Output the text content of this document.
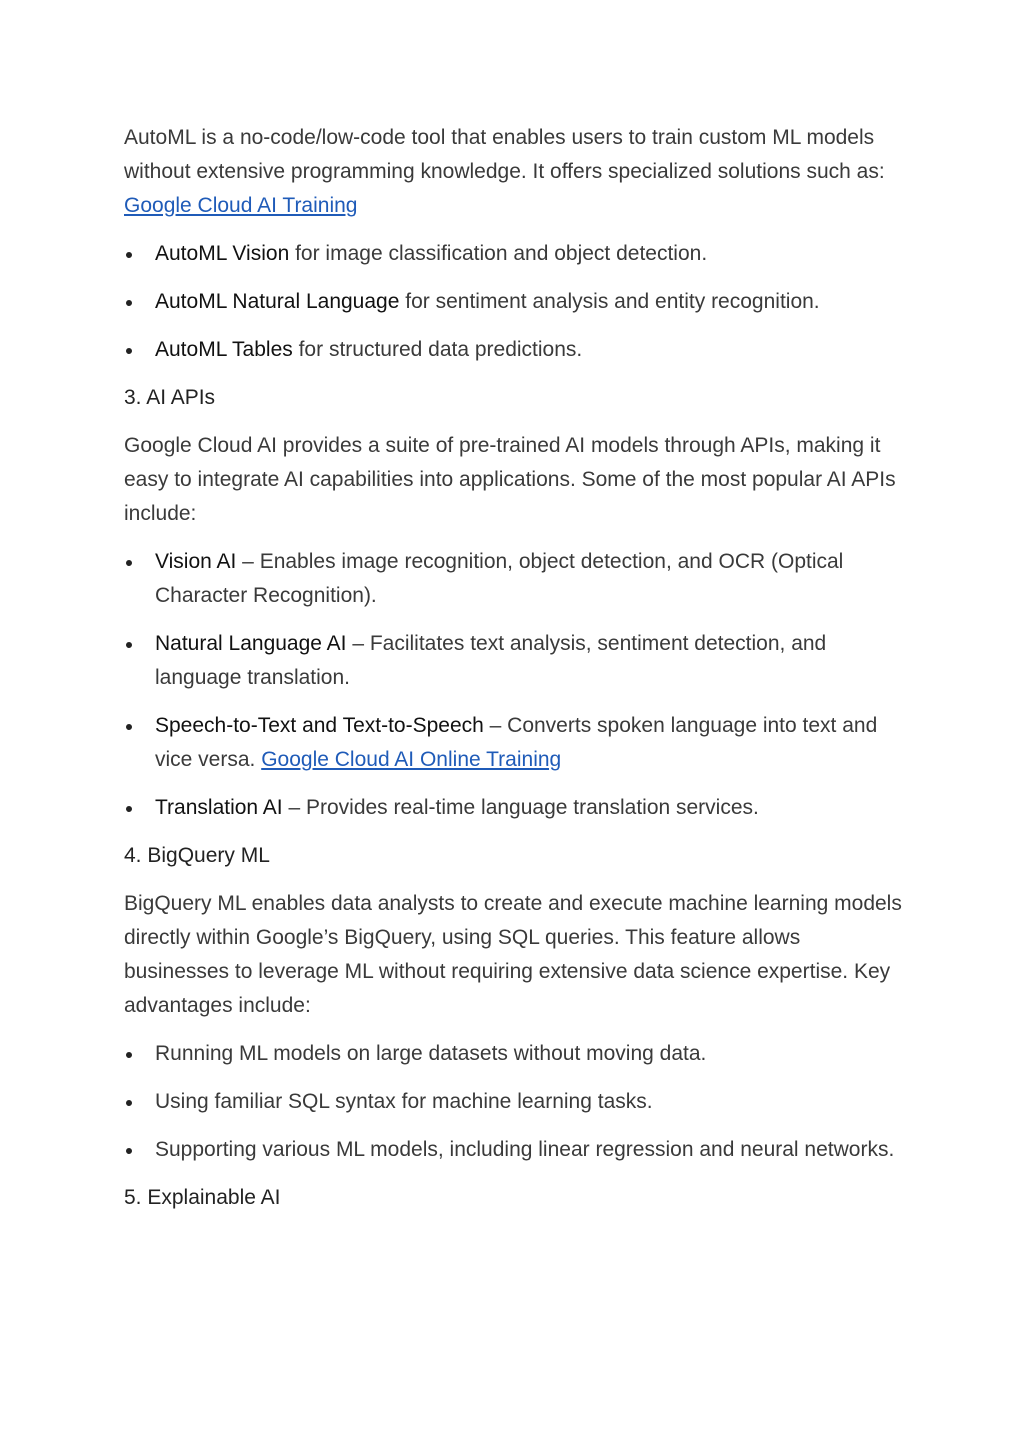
AutoML is a no-code/low-code tool that enables users to train custom ML models without extensive programming knowledge. It offers specialized solutions such as: Google Cloud AI Training

AutoML Vision for image classification and object detection.
AutoML Natural Language for sentiment analysis and entity recognition.
AutoML Tables for structured data predictions.
3. AI APIs

Google Cloud AI provides a suite of pre-trained AI models through APIs, making it easy to integrate AI capabilities into applications. Some of the most popular AI APIs include:

Vision AI – Enables image recognition, object detection, and OCR (Optical Character Recognition).
Natural Language AI – Facilitates text analysis, sentiment detection, and language translation.
Speech-to-Text and Text-to-Speech – Converts spoken language into text and vice versa. Google Cloud AI Online Training
Translation AI – Provides real-time language translation services.
4. BigQuery ML

BigQuery ML enables data analysts to create and execute machine learning models directly within Google’s BigQuery, using SQL queries. This feature allows businesses to leverage ML without requiring extensive data science expertise. Key advantages include:

Running ML models on large datasets without moving data.
Using familiar SQL syntax for machine learning tasks.
Supporting various ML models, including linear regression and neural networks.
5. Explainable AI
